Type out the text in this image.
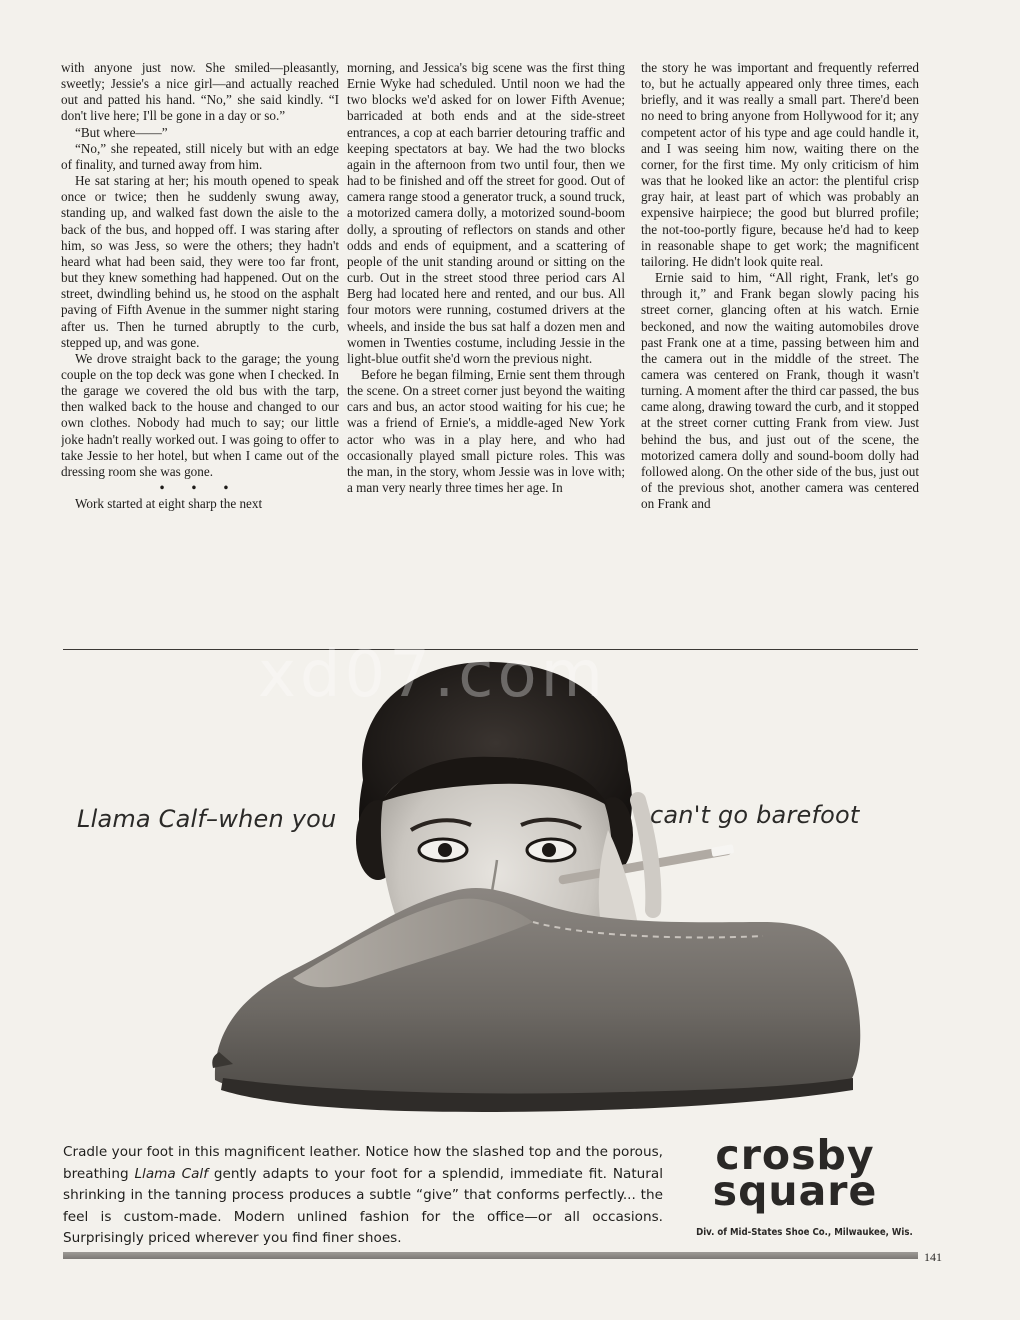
with anyone just now. She smiled—pleasantly, sweetly; Jessie's a nice girl—and actually reached out and patted his hand. “No,” she said kindly. “I don't live here; I'll be gone in a day or so.”

“But where——”

“No,” she repeated, still nicely but with an edge of finality, and turned away from him.

He sat staring at her; his mouth opened to speak once or twice; then he suddenly swung away, standing up, and walked fast down the aisle to the back of the bus, and hopped off. I was staring after him, so was Jess, so were the others; they hadn't heard what had been said, they were too far front, but they knew something had happened. Out on the street, dwindling behind us, he stood on the asphalt paving of Fifth Avenue in the summer night staring after us. Then he turned abruptly to the curb, stepped up, and was gone.

We drove straight back to the garage; the young couple on the top deck was gone when I checked. In the garage we covered the old bus with the tarp, then walked back to the house and changed to our own clothes. Nobody had much to say; our little joke hadn't really worked out. I was going to offer to take Jessie to her hotel, but when I came out of the dressing room she was gone.

• • •

Work started at eight sharp the next

morning, and Jessica's big scene was the first thing Ernie Wyke had scheduled. Until noon we had the two blocks we'd asked for on lower Fifth Avenue; barricaded at both ends and at the side-street entrances, a cop at each barrier detouring traffic and keeping spectators at bay. We had the two blocks again in the afternoon from two until four, then we had to be finished and off the street for good. Out of camera range stood a generator truck, a sound truck, a motorized camera dolly, a motorized sound-boom dolly, a sprouting of reflectors on stands and other odds and ends of equipment, and a scattering of people of the unit standing around or sitting on the curb. Out in the street stood three period cars Al Berg had located here and rented, and our bus. All four motors were running, costumed drivers at the wheels, and inside the bus sat half a dozen men and women in Twenties costume, including Jessie in the light-blue outfit she'd worn the previous night.

Before he began filming, Ernie sent them through the scene. On a street corner just beyond the waiting cars and bus, an actor stood waiting for his cue; he was a friend of Ernie's, a middle-aged New York actor who was in a play here, and who had occasionally played small picture roles. This was the man, in the story, whom Jessie was in love with; a man very nearly three times her age. In

the story he was important and frequently referred to, but he actually appeared only three times, each briefly, and it was really a small part. There'd been no need to bring anyone from Hollywood for it; any competent actor of his type and age could handle it, and I was seeing him now, waiting there on the corner, for the first time. My only criticism of him was that he looked like an actor: the plentiful crisp gray hair, at least part of which was probably an expensive hairpiece; the good but blurred profile; the not-too-portly figure, because he'd had to keep in reasonable shape to get work; the magnificent tailoring. He didn't look quite real.

Ernie said to him, “All right, Frank, let's go through it,” and Frank began slowly pacing his street corner, glancing often at his watch. Ernie beckoned, and now the waiting automobiles drove past Frank one at a time, passing between him and the camera out in the middle of the street. The camera was centered on Frank, though it wasn't turning. A moment after the third car passed, the bus came along, drawing toward the curb, and it stopped at the street corner cutting Frank from view. Just behind the bus, and just out of the scene, the motorized camera dolly and sound-boom dolly had followed along. On the other side of the bus, just out of the previous shot, another camera was centered on Frank and

xd07.com
Llama Calf–when you	can't go barefoot
Cradle your foot in this magnificent leather. Notice how the slashed top and the porous, breathing Llama Calf gently adapts to your foot for a splendid, immediate fit. Natural shrinking in the tanning process produces a subtle “give” that conforms perfectly... the feel is custom-made. Modern unlined fashion for the office—or all occasions. Surprisingly priced wherever you find finer shoes.
crosby
square
Div. of Mid-States Shoe Co., Milwaukee, Wis.
141
